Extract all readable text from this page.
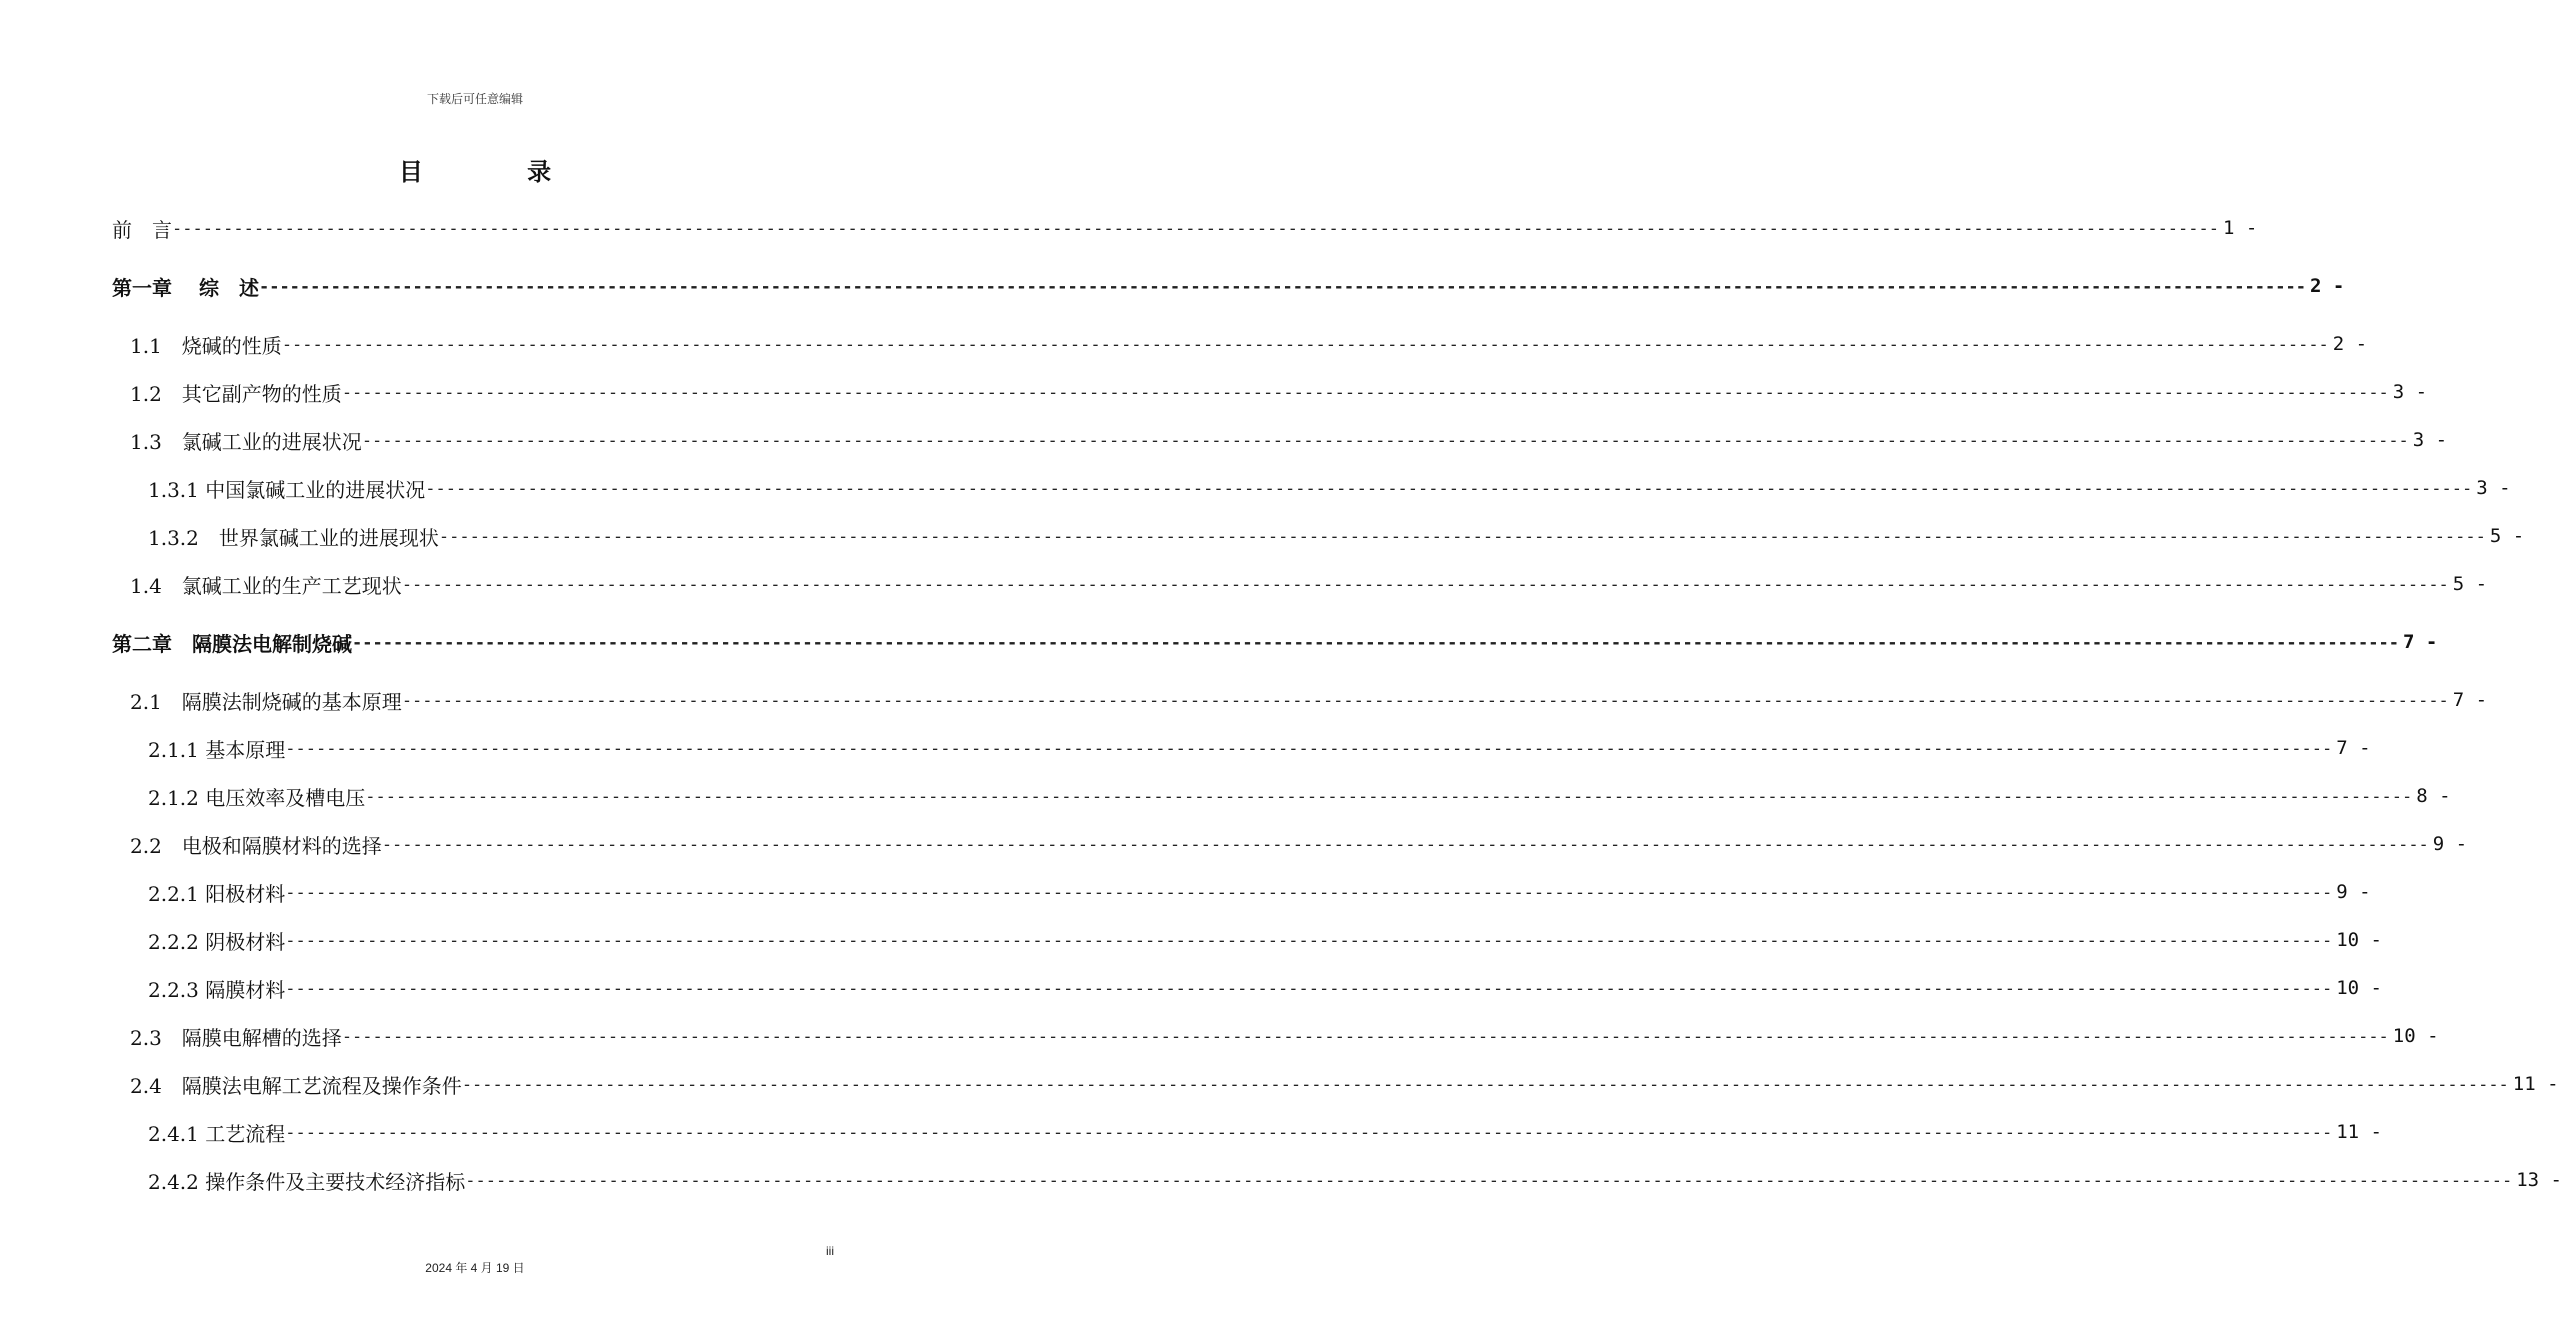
下载后可任意编辑
目 录
前　言 -------------------------------------------------------------------------------------------------------------------------------------------------------------------------------------------------------- 1 -
第一章　 综　述 -------------------------------------------------------------------------------------------------------------------------------------------------------------------------------------------------------- 2 -
1.1　烧碱的性质 -------------------------------------------------------------------------------------------------------------------------------------------------------------------------------------------------------- 2 -
1.2　其它副产物的性质 -------------------------------------------------------------------------------------------------------------------------------------------------------------------------------------------------------- 3 -
1.3　氯碱工业的进展状况 -------------------------------------------------------------------------------------------------------------------------------------------------------------------------------------------------------- 3 -
1.3.1 中国氯碱工业的进展状况 -------------------------------------------------------------------------------------------------------------------------------------------------------------------------------------------------------- 3 -
1.3.2　世界氯碱工业的进展现状 -------------------------------------------------------------------------------------------------------------------------------------------------------------------------------------------------------- 5 -
1.4　氯碱工业的生产工艺现状 -------------------------------------------------------------------------------------------------------------------------------------------------------------------------------------------------------- 5 -
第二章　隔膜法电解制烧碱 -------------------------------------------------------------------------------------------------------------------------------------------------------------------------------------------------------- 7 -
2.1　隔膜法制烧碱的基本原理 -------------------------------------------------------------------------------------------------------------------------------------------------------------------------------------------------------- 7 -
2.1.1 基本原理 -------------------------------------------------------------------------------------------------------------------------------------------------------------------------------------------------------- 7 -
2.1.2 电压效率及槽电压 -------------------------------------------------------------------------------------------------------------------------------------------------------------------------------------------------------- 8 -
2.2　电极和隔膜材料的选择 -------------------------------------------------------------------------------------------------------------------------------------------------------------------------------------------------------- 9 -
2.2.1 阳极材料 -------------------------------------------------------------------------------------------------------------------------------------------------------------------------------------------------------- 9 -
2.2.2 阴极材料 -------------------------------------------------------------------------------------------------------------------------------------------------------------------------------------------------------- 10 -
2.2.3 隔膜材料 -------------------------------------------------------------------------------------------------------------------------------------------------------------------------------------------------------- 10 -
2.3　隔膜电解槽的选择 -------------------------------------------------------------------------------------------------------------------------------------------------------------------------------------------------------- 10 -
2.4　隔膜法电解工艺流程及操作条件 -------------------------------------------------------------------------------------------------------------------------------------------------------------------------------------------------------- 11 -
2.4.1 工艺流程 -------------------------------------------------------------------------------------------------------------------------------------------------------------------------------------------------------- 11 -
2.4.2 操作条件及主要技术经济指标 -------------------------------------------------------------------------------------------------------------------------------------------------------------------------------------------------------- 13 -
iii
2024 年 4 月 19 日
